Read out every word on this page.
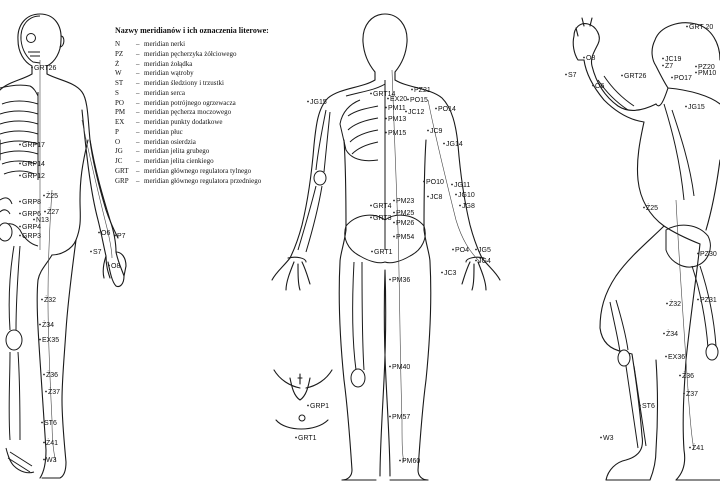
GRT26
GRP17
GRP14
GRP12
Ż25
GRP8
GRP6 Ż27
GRP4
GRP3
N13
O6 P7
S7
O8
Ż32
Ż34
EX35
Ż36
Ż37
ST6
Ż41
W3
GRT14
EX20 PO15
JG15
PZ21
PM11
JC12 PO14
PM13
PM15	JC9
JG14
PO10 JG11
JC8 JG10
JG8
PM23
GRT4
PM25
GRT3
PM26
PM54
GRT1	PO4 JG5
JG4
JC3
PM36
PM40
PM57
PM60
GRP1
GRT1
GRT 20
O8	JC19
PZ20
PM10
S7
O6
Ż7
PO17
GRT26
JG15
Ż25
PZ30
PZ31
Ż32
Ż34
EX36
Ż36
Ż37
ST6
W3
Ż41
Nazwy meridianów i ich oznaczenia literowe:
N	– meridian nerki
PZ	– meridian pęcherzyka żółciowego
Ż	– meridian żołądka
W	– meridian wątroby
ST	– meridian śledziony i trzustki
S	– meridian serca
PO	– meridian potrójnego ogrzewacza
PM	– meridian pęcherza moczowego
EX	– meridian punkty dodatkowe
P	– meridian płuc
O	– meridian osierdzia
JG	– meridian jelita grubego
JC	– meridian jelita cienkiego
GRT	– meridian głównego regulatora tylnego
GRP	– meridian głównego regulatora przedniego
